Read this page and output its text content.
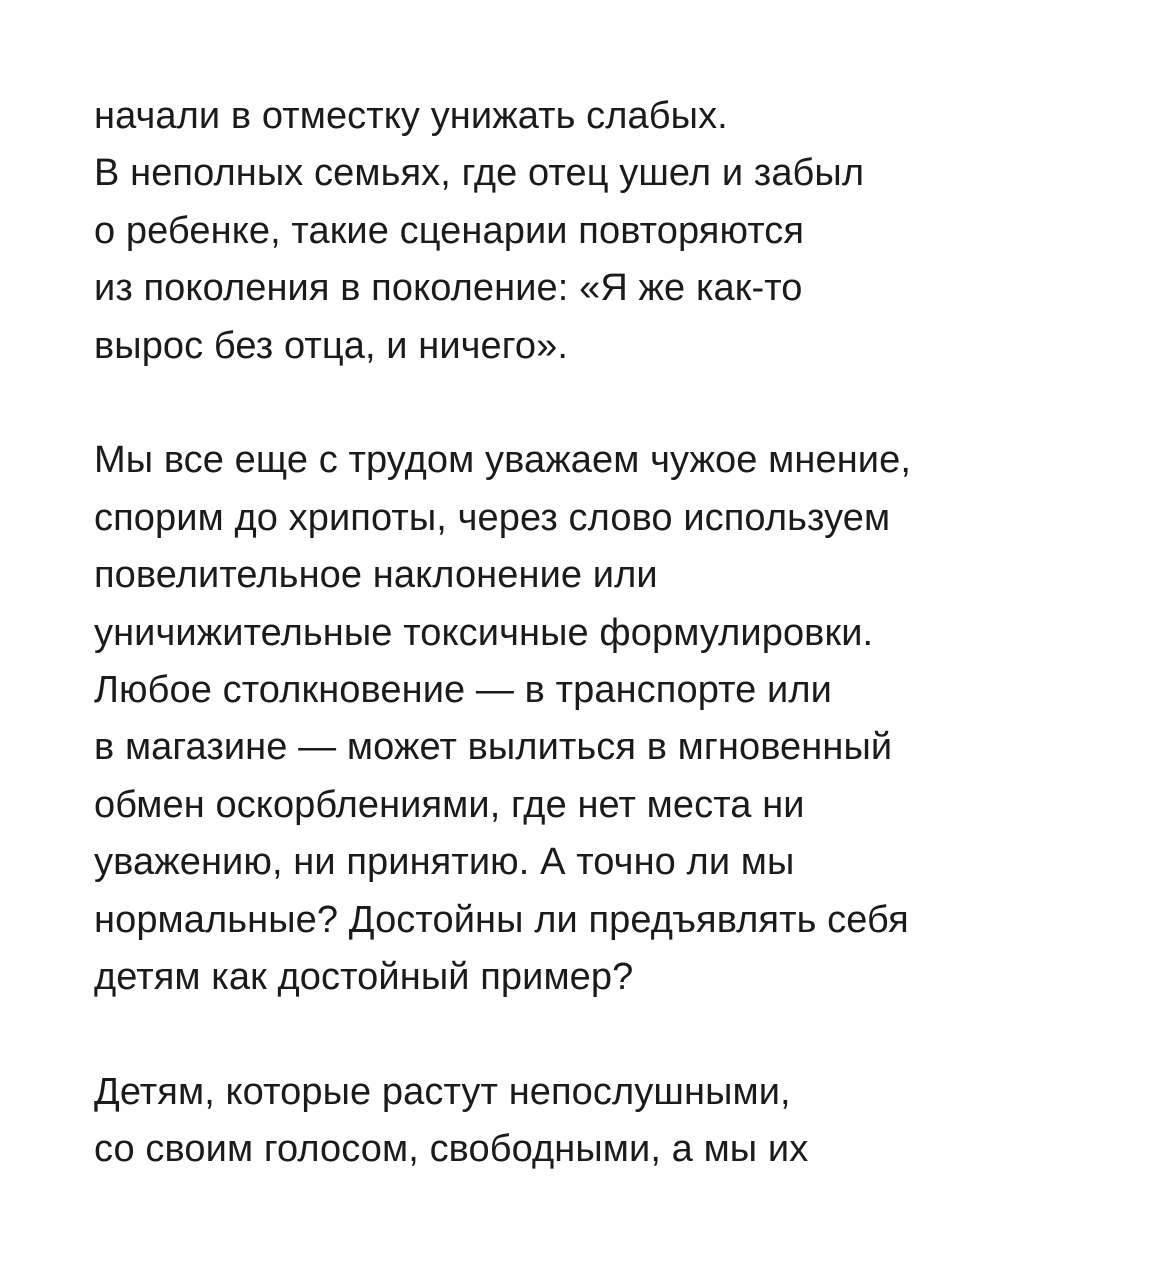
начали в отместку унижать слабых.
В неполных семьях, где отец ушел и забыл
о ребенке, такие сценарии повторяются
из поколения в поколение: «Я же как-то
вырос без отца, и ничего».

Мы все еще с трудом уважаем чужое мнение,
спорим до хрипоты, через слово используем
повелительное наклонение или
уничижительные токсичные формулировки.
Любое столкновение — в транспорте или
в магазине — может вылиться в мгновенный
обмен оскорблениями, где нет места ни
уважению, ни принятию. А точно ли мы
нормальные? Достойны ли предъявлять себя
детям как достойный пример?

Детям, которые растут непослушными,
со своим голосом, свободными, а мы их
